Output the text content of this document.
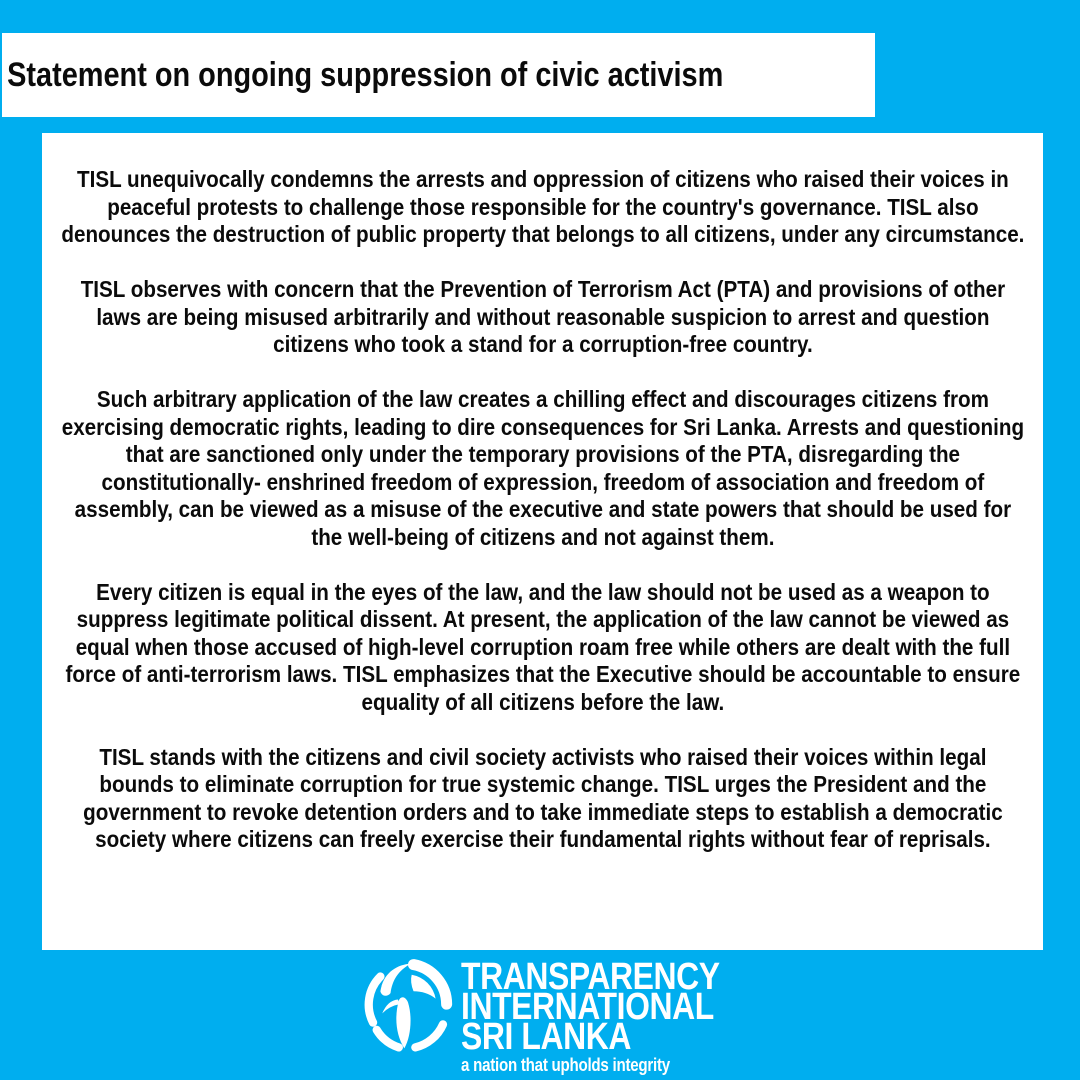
Statement on ongoing suppression of civic activism

TISL unequivocally condemns the arrests and oppression of citizens who raised their voices in peaceful protests to challenge those responsible for the country's governance. TISL also denounces the destruction of public property that belongs to all citizens, under any circumstance.

TISL observes with concern that the Prevention of Terrorism Act (PTA) and provisions of other laws are being misused arbitrarily and without reasonable suspicion to arrest and question citizens who took a stand for a corruption-free country.

Such arbitrary application of the law creates a chilling effect and discourages citizens from exercising democratic rights, leading to dire consequences for Sri Lanka. Arrests and questioning that are sanctioned only under the temporary provisions of the PTA, disregarding the constitutionally- enshrined freedom of expression, freedom of association and freedom of assembly, can be viewed as a misuse of the executive and state powers that should be used for the well-being of citizens and not against them.

Every citizen is equal in the eyes of the law, and the law should not be used as a weapon to suppress legitimate political dissent. At present, the application of the law cannot be viewed as equal when those accused of high-level corruption roam free while others are dealt with the full force of anti-terrorism laws. TISL emphasizes that the Executive should be accountable to ensure equality of all citizens before the law.

TISL stands with the citizens and civil society activists who raised their voices within legal bounds to eliminate corruption for true systemic change. TISL urges the President and the government to revoke detention orders and to take immediate steps to establish a democratic society where citizens can freely exercise their fundamental rights without fear of reprisals.

TRANSPARENCY
INTERNATIONAL
SRI LANKA
a nation that upholds integrity
